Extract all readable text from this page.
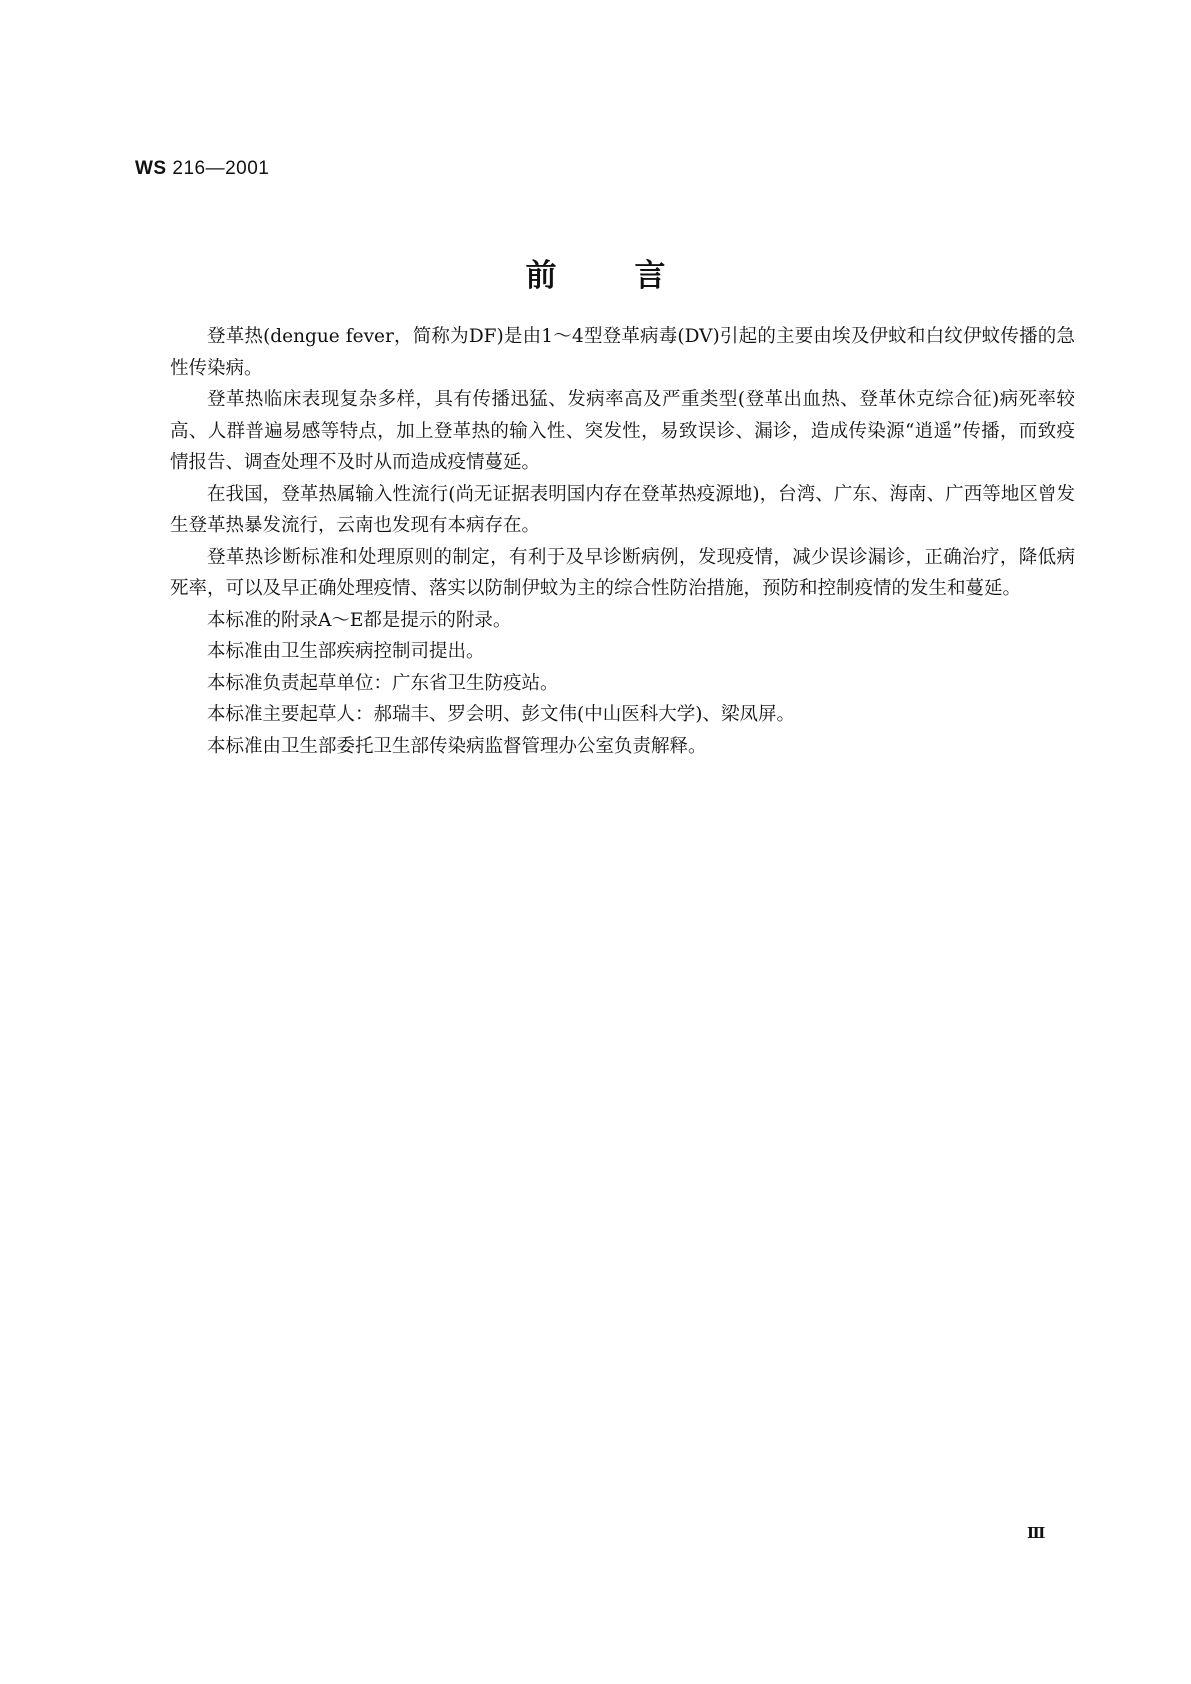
WS 216—2001
前言

登革热(dengue fever，简称为DF)是由1～4型登革病毒(DV)引起的主要由埃及伊蚊和白纹伊蚊传播的急性传染病。

登革热临床表现复杂多样，具有传播迅猛、发病率高及严重类型(登革出血热、登革休克综合征)病死率较高、人群普遍易感等特点，加上登革热的输入性、突发性，易致误诊、漏诊，造成传染源“逍遥”传播，而致疫情报告、调查处理不及时从而造成疫情蔓延。

在我国，登革热属输入性流行(尚无证据表明国内存在登革热疫源地)，台湾、广东、海南、广西等地区曾发生登革热暴发流行，云南也发现有本病存在。

登革热诊断标准和处理原则的制定，有利于及早诊断病例，发现疫情，减少误诊漏诊，正确治疗，降低病死率，可以及早正确处理疫情、落实以防制伊蚊为主的综合性防治措施，预防和控制疫情的发生和蔓延。

本标准的附录A～E都是提示的附录。

本标准由卫生部疾病控制司提出。

本标准负责起草单位：广东省卫生防疫站。

本标准主要起草人：郝瑞丰、罗会明、彭文伟(中山医科大学)、梁凤屏。

本标准由卫生部委托卫生部传染病监督管理办公室负责解释。

Ⅲ
